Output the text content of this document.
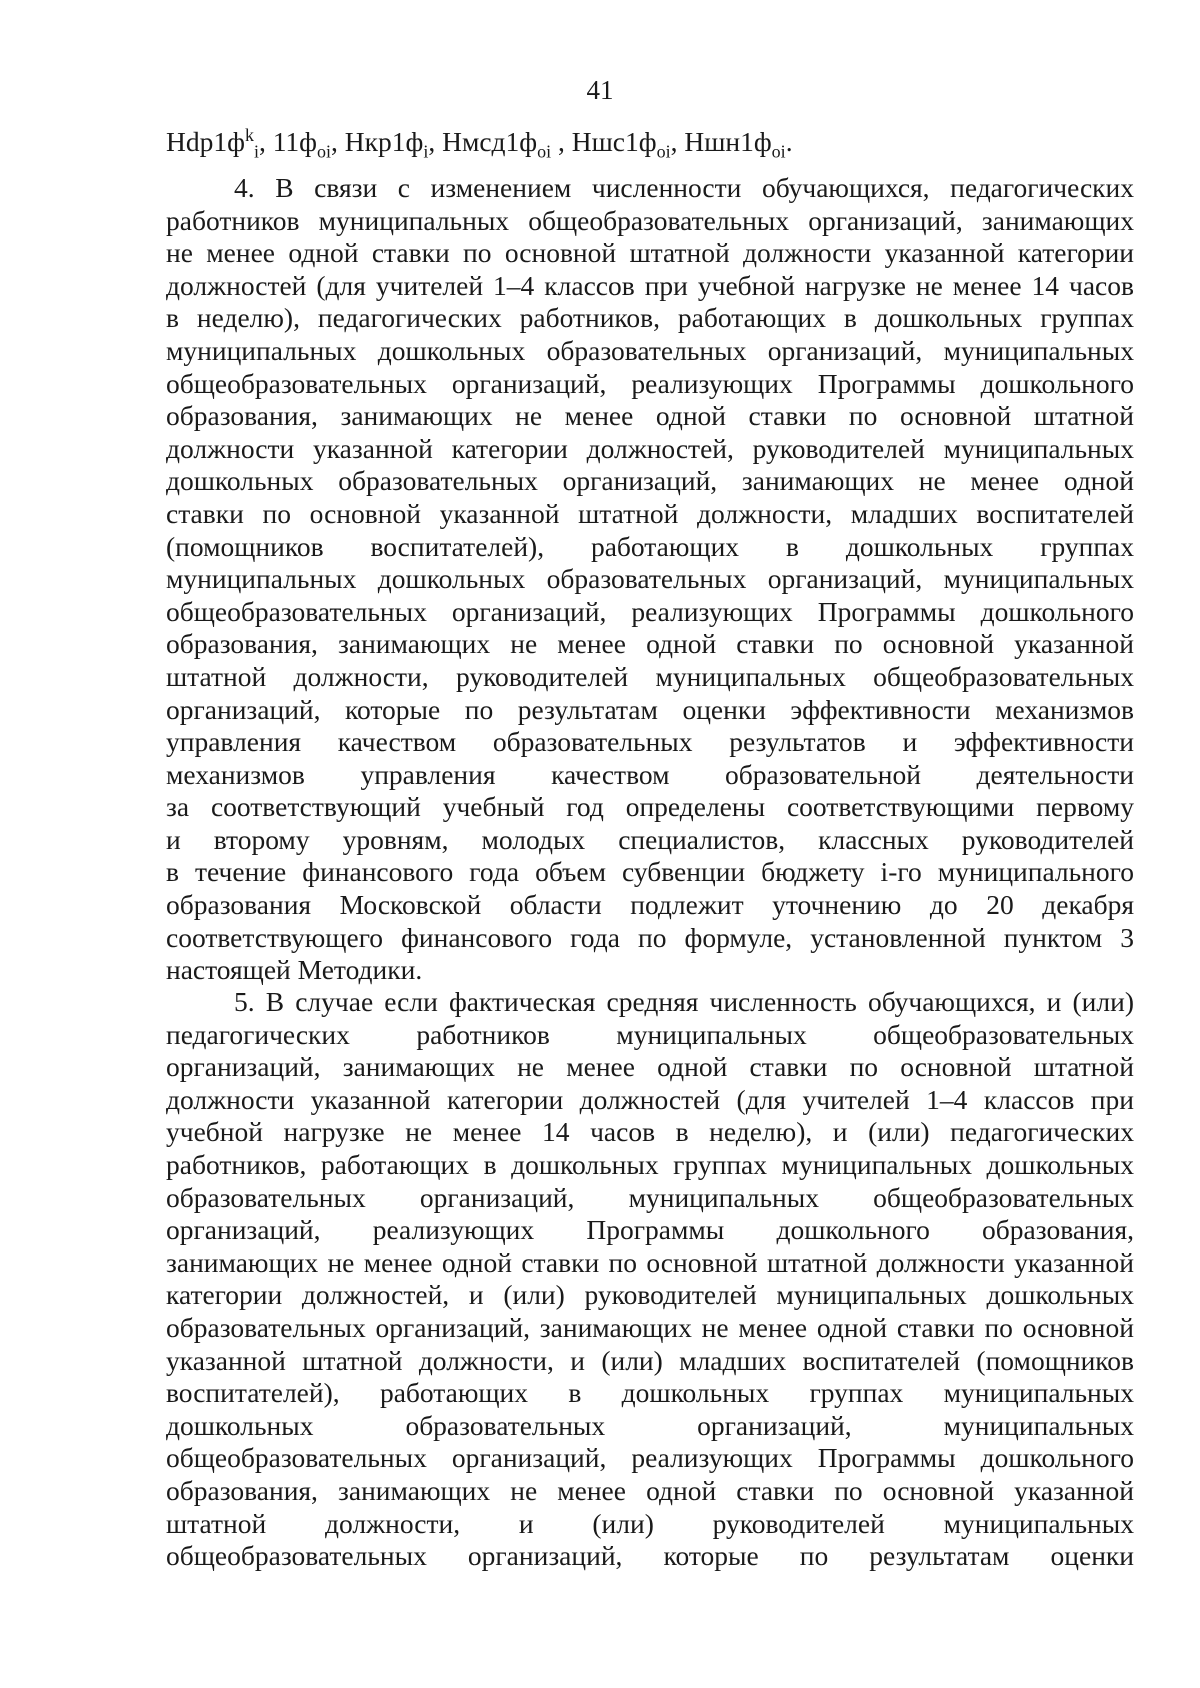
41
$Hdp1ф^k_i$, $11ф_{oi}$, $Hкр1ф_i$, $Нмсд1ф_{oi}$ , $Ншс1ф_{oi}$, $Ншн1ф_{oi}$.
4. В связи с изменением численности обучающихся, педагогических
работников муниципальных общеобразовательных организаций, занимающих
не менее одной ставки по основной штатной должности указанной категории
должностей (для учителей 1–4 классов при учебной нагрузке не менее 14 часов
в неделю), педагогических работников, работающих в дошкольных группах
муниципальных дошкольных образовательных организаций, муниципальных
общеобразовательных организаций, реализующих Программы дошкольного
образования, занимающих не менее одной ставки по основной штатной
должности указанной категории должностей, руководителей муниципальных
дошкольных образовательных организаций, занимающих не менее одной
ставки по основной указанной штатной должности, младших воспитателей
(помощников воспитателей), работающих в дошкольных группах
муниципальных дошкольных образовательных организаций, муниципальных
общеобразовательных организаций, реализующих Программы дошкольного
образования, занимающих не менее одной ставки по основной указанной
штатной должности, руководителей муниципальных общеобразовательных
организаций, которые по результатам оценки эффективности механизмов
управления качеством образовательных результатов и эффективности
механизмов управления качеством образовательной деятельности
за соответствующий учебный год определены соответствующими первому
и второму уровням, молодых специалистов, классных руководителей
в течение финансового года объем субвенции бюджету i-го муниципального
образования Московской области подлежит уточнению до 20 декабря
соответствующего финансового года по формуле, установленной пунктом 3
настоящей Методики.
5. В случае если фактическая средняя численность обучающихся, и (или)
педагогических работников муниципальных общеобразовательных
организаций, занимающих не менее одной ставки по основной штатной
должности указанной категории должностей (для учителей 1–4 классов при
учебной нагрузке не менее 14 часов в неделю), и (или) педагогических
работников, работающих в дошкольных группах муниципальных дошкольных
образовательных организаций, муниципальных общеобразовательных
организаций, реализующих Программы дошкольного образования,
занимающих не менее одной ставки по основной штатной должности указанной
категории должностей, и (или) руководителей муниципальных дошкольных
образовательных организаций, занимающих не менее одной ставки по основной
указанной штатной должности, и (или) младших воспитателей (помощников
воспитателей), работающих в дошкольных группах муниципальных
дошкольных образовательных организаций, муниципальных
общеобразовательных организаций, реализующих Программы дошкольного
образования, занимающих не менее одной ставки по основной указанной
штатной должности, и (или) руководителей муниципальных
общеобразовательных организаций, которые по результатам оценки
